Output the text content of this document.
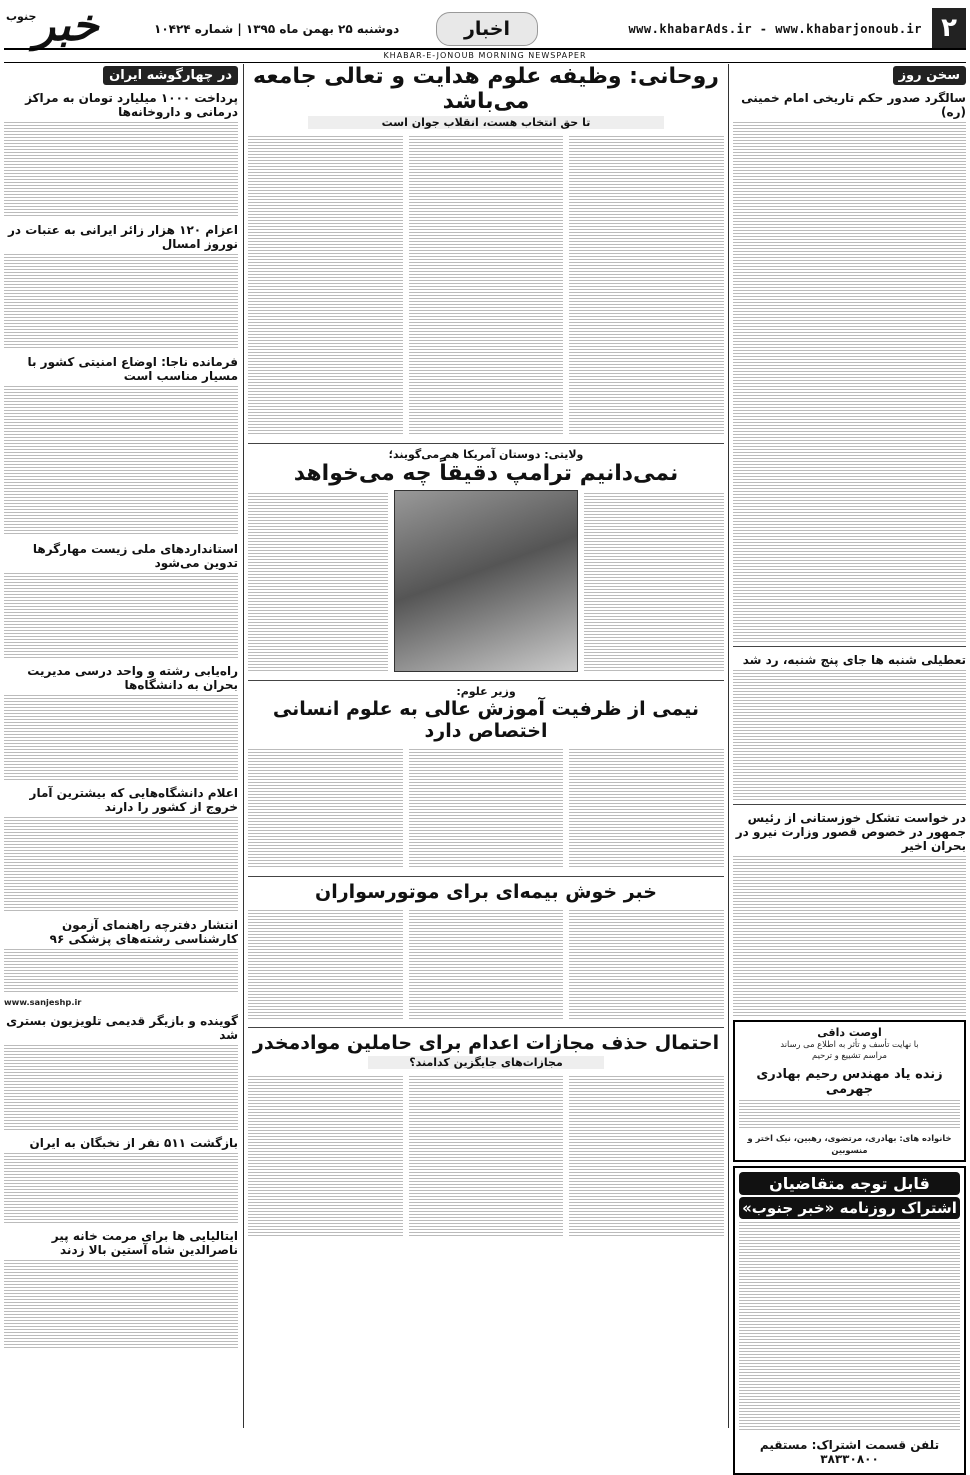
۲
www.khabarAds.ir - www.khabarjonoub.ir
اخبار
دوشنبه ۲۵ بهمن ماه ۱۳۹۵ | شماره ۱۰۴۲۴
خبر
جنوب
KHABAR-E-JONOUB MORNING NEWSPAPER
سخن روز
سالگرد صدور حکم تاریخی امام خمینی (ره)
تعطیلی شنبه ها جای پنج شنبه، رد شد
در خواست تشکل خوزستانی از رئیس جمهور در خصوص قصور وزارت نیرو در بحران اخیر
اوصت داقی
با نهایت تأسف و تأثر به اطلاع می رساند
مراسم تشییع و ترحیم
زنده یاد مهندس رحیم بهادری جهرمی
خانواده های: بهادری، مرتضوی، رهبین، نیک اختر و منسوبین
قابل توجه متقاضیان
اشتراک روزنامه «خبر جنوب»
تلفن قسمت اشتراک: مستقیم ۳۸۳۳۰۸۰۰
روحانی: وظیفه علوم هدایت و تعالی جامعه می‌باشد
تا حق انتخاب هست، انقلاب جوان است
ولایتی: دوستان آمریکا هم می‌گویند؛
نمی‌دانیم ترامپ دقیقاً چه می‌خواهد
وزیر علوم:
نیمی از ظرفیت آموزش عالی به علوم انسانی اختصاص دارد
خبر خوش بیمه‌ای برای موتورسواران
احتمال حذف مجازات اعدام برای حاملین موادمخدر
مجازات‌های جایگزین کدامند؟
در چهارگوشه ایران
پرداخت ۱۰۰۰ میلیارد تومان به مراکز درمانی و داروخانه‌ها
اعزام ۱۲۰ هزار زائر ایرانی به عتبات در نوروز امسال
فرمانده ناجا: اوضاع امنیتی کشور با مسیار مناسب است
استانداردهای ملی زیست مهارگرها تدوین می‌شود
راه‌یابی رشته و واحد درسی مدیریت بحران به دانشگاه‌ها
اعلام دانشگاه‌هایی که بیشترین آمار خروج از کشور را دارند
انتشار دفترچه راهنمای آزمون کارشناسی رشته‌های پزشکی ۹۶
www.sanjeshp.ir
گوینده و بازیگر قدیمی تلویزیون بستری شد
بازگشت ۵۱۱ نفر از نخبگان به ایران
ایتالیایی ها برای مرمت خانه پیر ناصرالدین شاه آستین بالا زدند
